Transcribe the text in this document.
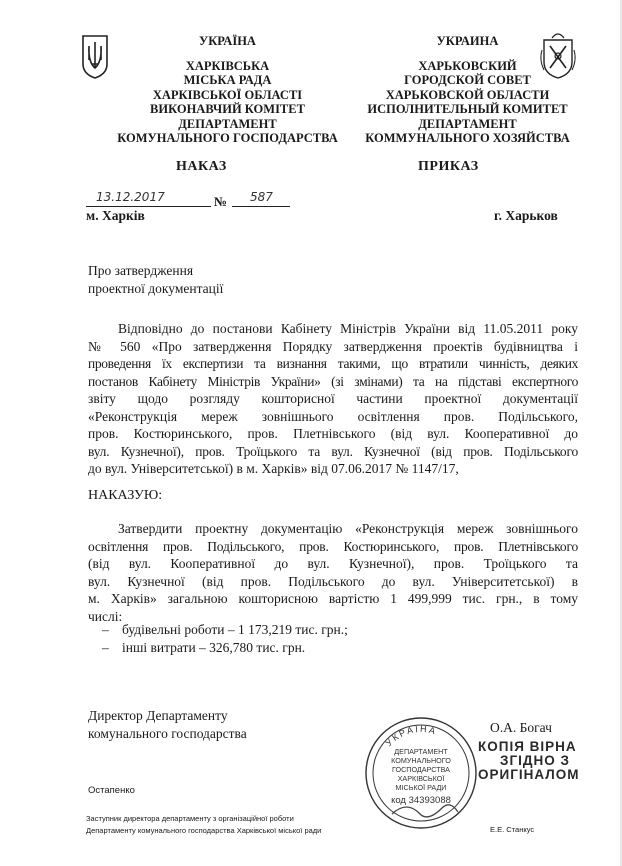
УКРАЇНА
ХАРКІВСЬКА
МІСЬКА РАДА
ХАРКІВСЬКОЇ ОБЛАСТІ
ВИКОНАВЧИЙ КОМІТЕТ
ДЕПАРТАМЕНТ
КОМУНАЛЬНОГО ГОСПОДАРСТВА
УКРАИНА
ХАРЬКОВСКИЙ
ГОРОДСКОЙ СОВЕТ
ХАРЬКОВСКОЙ ОБЛАСТИ
ИСПОЛНИТЕЛЬНЫЙ КОМИТЕТ
ДЕПАРТАМЕНТ
КОММУНАЛЬНОГО ХОЗЯЙСТВА
НАКАЗ	ПРИКАЗ
13.12.2017	№ 587
м. Харків	г. Харьков
Про затвердження
проектної документації
Відповідно до постанови Кабінету Міністрів України від 11.05.2011 року
№ 560 «Про затвердження Порядку затвердження проектів будівництва і
проведення їх експертизи та визнання такими, що втратили чинність, деяких
постанов Кабінету Міністрів України» (зі змінами) та на підставі експертного
звіту щодо розгляду кошторисної частини проектної документації
«Реконструкція мереж зовнішнього освітлення пров. Подільського,
пров. Костюринського, пров. Плетнівського (від вул. Кооперативної до
вул. Кузнечної), пров. Троїцького та вул. Кузнечної (від пров. Подільського
до вул. Університетської) в м. Харків» від 07.06.2017 № 1147/17,
НАКАЗУЮ:
Затвердити проектну документацію «Реконструкція мереж зовнішнього
освітлення пров. Подільського, пров. Костюринського, пров. Плетнівського
(від вул. Кооперативної до вул. Кузнечної), пров. Троїцького та
вул. Кузнечної (від пров. Подільського до вул. Університетської) в
м. Харків» загальною кошторисною вартістю 1 499,999 тис. грн., в тому
числі:
– будівельні роботи – 1 173,219 тис. грн.;
– інші витрати – 326,780 тис. грн.
Директор Департаменту
комунального господарства
УКРАЇНА
ДЕПАРТАМЕНТ
КОМУНАЛЬНОГО
ГОСПОДАРСТВА
ХАРКІВСЬКОЇ
МІСЬКОЇ РАДИ
код 34393088
О.А. Богач
КОПІЯ ВІРНА
ЗГІДНО З
ОРИГІНАЛОМ
Остапенко
Заступник директора департаменту з організаційної роботи
Департаменту комунального господарства Харківської міської ради	Е.Е. Станкус
